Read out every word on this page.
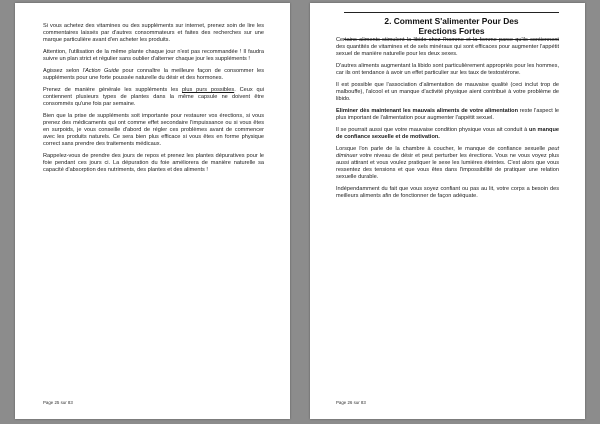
Si vous achetez des vitamines ou des suppléments sur internet, prenez soin de lire les commentaires laissés par d'autres consommateurs et faites des recherches sur une marque particulière avant d'en acheter les produits.

Attention, l'utilisation de la même plante chaque jour n'est pas recommandée ! Il faudra suivre un plan strict et régulier sans oublier d'alterner chaque jour les suppléments !

Agissez selon l'Action Guide pour connaître la meilleure façon de consommer les suppléments pour une forte poussée naturelle du désir et des hormones.

Prenez de manière générale les suppléments les plus purs possibles. Ceux qui contiennent plusieurs types de plantes dans la même capsule ne doivent être consommés qu'une fois par semaine.

Bien que la prise de suppléments soit importante pour restaurer vos érections, si vous prenez des médicaments qui ont comme effet secondaire l'impuissance ou si vous êtes en surpoids, je vous conseille d'abord de régler ces problèmes avant de commencer avec les produits naturels. Ce sera bien plus efficace si vous êtes en forme physique correct sans prendre des traitements médicaux.

Rappelez-vous de prendre des jours de repos et prenez les plantes dépuratives pour le foie pendant ces jours ci. La dépuration du foie améliorera de manière naturelle sa capacité d'absorption des nutriments, des plantes et des aliments !

Page 25 sur 83
2. Comment S'alimenter Pour Des
Erections Fortes

Certains aliments stimulent la libido chez l'homme et la femme parce qu'ils contiennent des quantités de vitamines et de sels minéraux qui sont efficaces pour augmenter l'appétit sexuel de manière naturelle pour les deux sexes.

D'autres aliments augmentant la libido sont particulièrement appropriés pour les hommes, car ils ont tendance à avoir un effet particulier sur les taux de testostérone.

Il est possible que l'association d'alimentation de mauvaise qualité (ceci inclut trop de malbouffe), l'alcool et un manque d'activité physique aient contribué à votre problème de libido.

Eliminer dès maintenant les mauvais aliments de votre alimentation reste l'aspect le plus important de l'alimentation pour augmenter l'appétit sexuel.

Il se pourrait aussi que votre mauvaise condition physique vous ait conduit à un manque de confiance sexuelle et de motivation.

Lorsque l'on parle de la chambre à coucher, le manque de confiance sexuelle peut diminuer votre niveau de désir et peut perturber les érections. Vous ne vous voyez plus aussi attirant et vous voulez pratiquer le sexe les lumières éteintes. C'est alors que vous ressentez des tensions et que vous êtes dans l'impossibilité de pratiquer une relation sexuelle durable.

Indépendamment du fait que vous soyez confiant ou pas au lit, votre corps a besoin des meilleurs aliments afin de fonctionner de façon adéquate.

Page 26 sur 83
